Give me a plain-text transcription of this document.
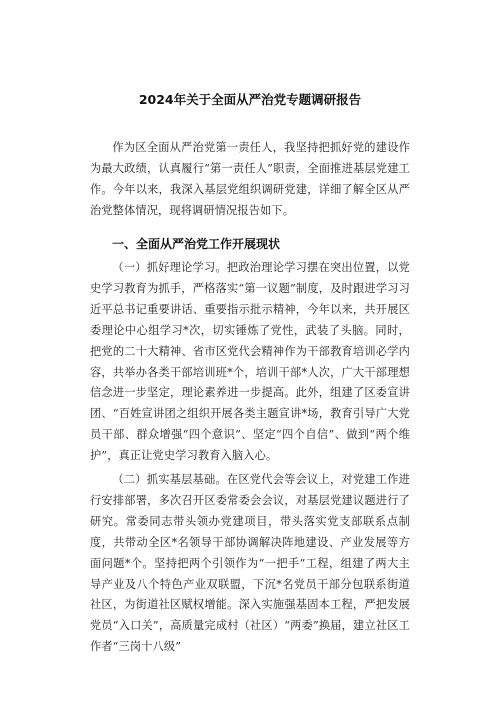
2024年关于全面从严治党专题调研报告

作为区全面从严治党第一责任人，我坚持把抓好党的建设作为最大政绩，认真履行“第一责任人”职责，全面推进基层党建工作。今年以来，我深入基层党组织调研党建，详细了解全区从严治党整体情况，现将调研情况报告如下。

一、全面从严治党工作开展现状

（一）抓好理论学习。把政治理论学习摆在突出位置，以党史学习教育为抓手，严格落实“第一议题”制度，及时跟进学习习近平总书记重要讲话、重要指示批示精神，今年以来，共开展区委理论中心组学习*次，切实锤炼了党性，武装了头脑。同时，把党的二十大精神、省市区党代会精神作为干部教育培训必学内容，共举办各类干部培训班*个，培训干部*人次，广大干部理想信念进一步坚定，理论素养进一步提高。此外，组建了区委宣讲团、“百姓宣讲团之组织开展各类主题宣讲*场，教育引导广大党员干部、群众增强“四个意识”、坚定“四个自信”、做到“两个维护”，真正让党史学习教育入脑入心。

（二）抓实基层基础。在区党代会等会议上，对党建工作进行安排部署，多次召开区委常委会会议，对基层党建议题进行了研究。常委同志带头领办党建项目，带头落实党支部联系点制度，共带动全区*名领导干部协调解决阵地建设、产业发展等方面问题*个。坚持把两个引领作为“一把手”工程，组建了两大主导产业及八个特色产业双联盟，下沉*名党员干部分包联系街道社区，为街道社区赋权增能。深入实施强基固本工程，严把发展党员“入口关”，高质量完成村（社区）“两委”换届，建立社区工作者“三岗十八级”
